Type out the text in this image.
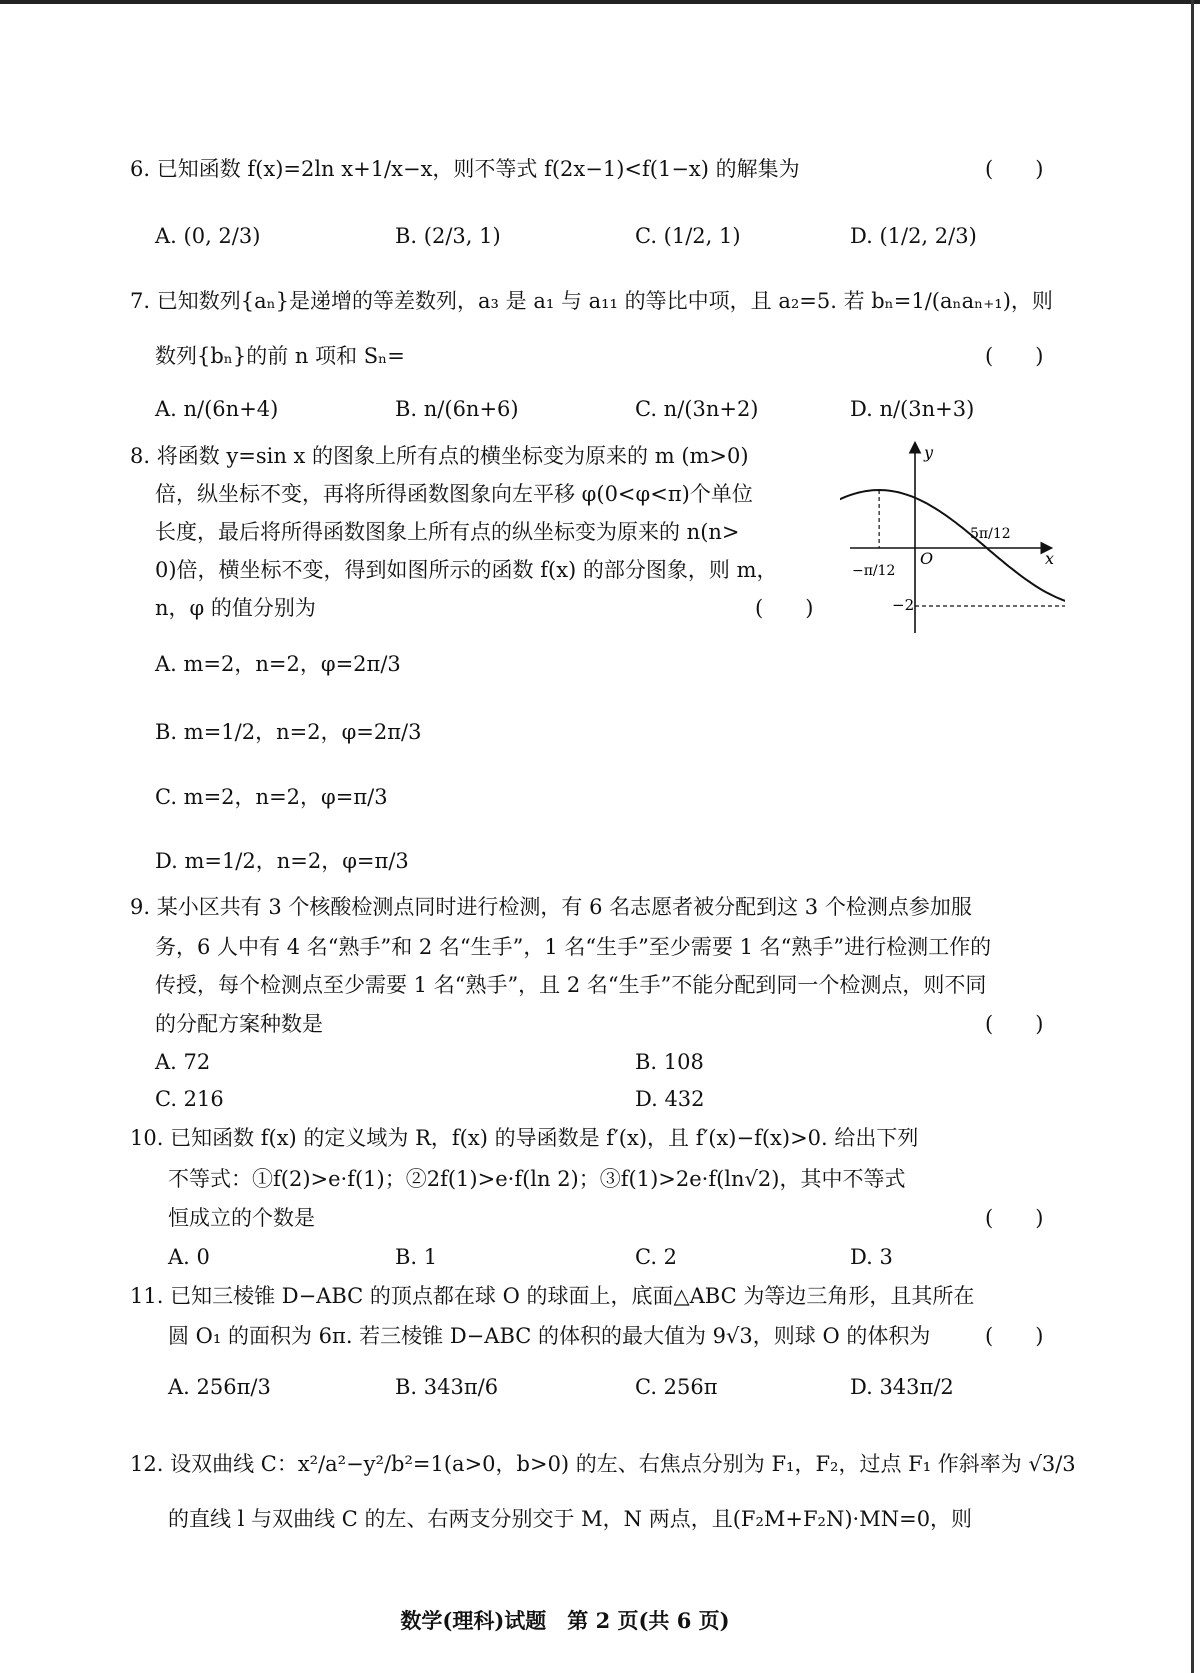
6. 已知函数 f(x)=2ln x+1/x−x，则不等式 f(2x−1)<f(1−x) 的解集为	(　　)
A. (0, 2/3)	B. (2/3, 1)	C. (1/2, 1)	D. (1/2, 2/3)
7. 已知数列{aₙ}是递增的等差数列，a₃ 是 a₁ 与 a₁₁ 的等比中项，且 a₂=5. 若 bₙ=1/(aₙaₙ₊₁)，则
数列{bₙ}的前 n 项和 Sₙ=	(　　)
A. n/(6n+4)	B. n/(6n+6)	C. n/(3n+2)	D. n/(3n+3)
8. 将函数 y=sin x 的图象上所有点的横坐标变为原来的 m (m>0)
倍，纵坐标不变，再将所得函数图象向左平移 φ(0<φ<π)个单位
长度，最后将所得函数图象上所有点的纵坐标变为原来的 n(n>
0)倍，横坐标不变，得到如图所示的函数 f(x) 的部分图象，则 m，
n，φ 的值分别为	(　　)
y
x
O
−π/12
5π/12
−2
A. m=2，n=2，φ=2π/3
B. m=1/2，n=2，φ=2π/3
C. m=2，n=2，φ=π/3
D. m=1/2，n=2，φ=π/3
9. 某小区共有 3 个核酸检测点同时进行检测，有 6 名志愿者被分配到这 3 个检测点参加服
务，6 人中有 4 名“熟手”和 2 名“生手”，1 名“生手”至少需要 1 名“熟手”进行检测工作的
传授，每个检测点至少需要 1 名“熟手”，且 2 名“生手”不能分配到同一个检测点，则不同
的分配方案种数是	(　　)
A. 72	B. 108
C. 216	D. 432
10. 已知函数 f(x) 的定义域为 R，f(x) 的导函数是 f′(x)，且 f′(x)−f(x)>0. 给出下列
不等式：①f(2)>e·f(1)；②2f(1)>e·f(ln 2)；③f(1)>2e·f(ln√2)，其中不等式
恒成立的个数是	(　　)
A. 0	B. 1	C. 2	D. 3
11. 已知三棱锥 D−ABC 的顶点都在球 O 的球面上，底面△ABC 为等边三角形，且其所在
圆 O₁ 的面积为 6π. 若三棱锥 D−ABC 的体积的最大值为 9√3，则球 O 的体积为	(　　)
A. 256π/3	B. 343π/6	C. 256π	D. 343π/2
12. 设双曲线 C：x²/a²−y²/b²=1(a>0，b>0) 的左、右焦点分别为 F₁，F₂，过点 F₁ 作斜率为 √3/3
的直线 l 与双曲线 C 的左、右两支分别交于 M，N 两点，且(F₂M+F₂N)·MN=0，则
数学(理科)试题　第 2 页(共 6 页)
